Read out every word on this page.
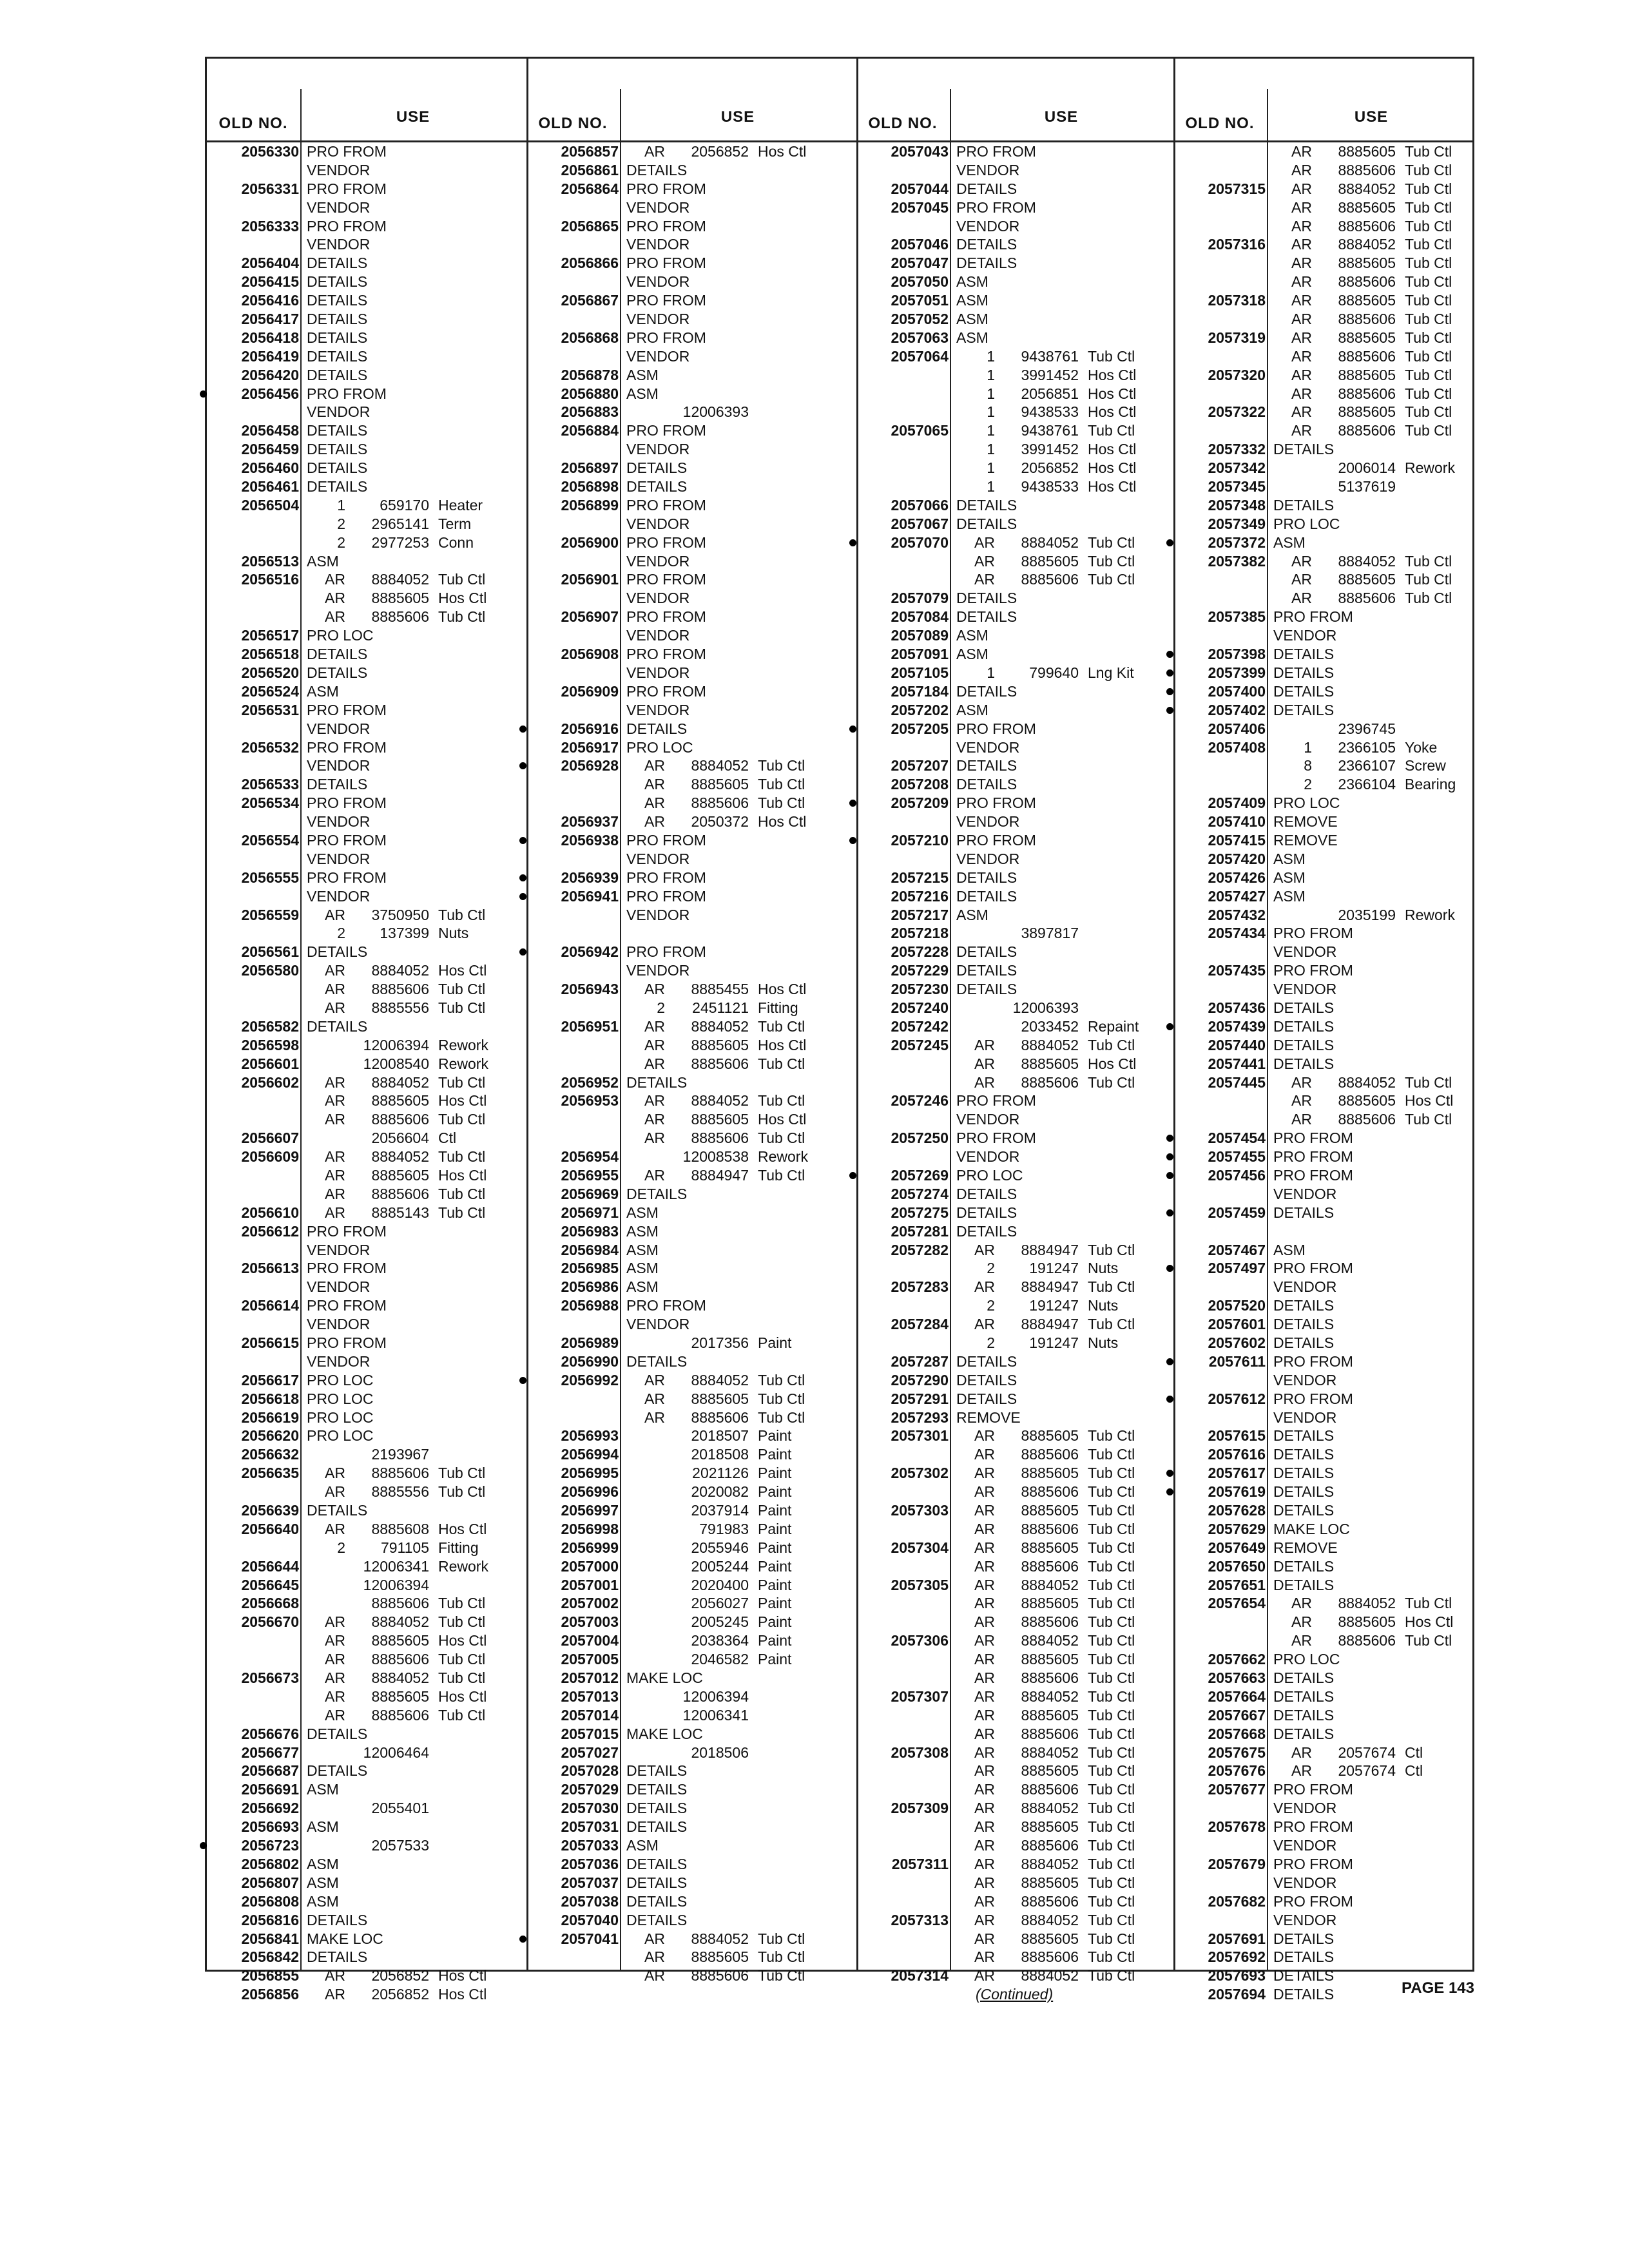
OLD NO.	USE
2056330 PRO FROM
VENDOR
2056331 PRO FROM
VENDOR
2056333 PRO FROM
VENDOR
2056404 DETAILS
2056415 DETAILS
2056416 DETAILS
2056417 DETAILS
2056418 DETAILS
2056419 DETAILS
2056420 DETAILS
2056456 PRO FROM
VENDOR
2056458 DETAILS
2056459 DETAILS
2056460 DETAILS
2056461 DETAILS
2056504	1 659170 Heater
2 2965141 Term
2 2977253 Conn
2056513 ASM
2056516	AR 8884052 Tub Ctl
AR 8885605 Hos Ctl
AR 8885606 Tub Ctl
2056517 PRO LOC
2056518 DETAILS
2056520 DETAILS
2056524 ASM
2056531 PRO FROM
VENDOR
2056532 PRO FROM
VENDOR
2056533 DETAILS
2056534 PRO FROM
VENDOR
2056554 PRO FROM
VENDOR
2056555 PRO FROM
VENDOR
2056559	AR 3750950 Tub Ctl
2 137399 Nuts
2056561 DETAILS
2056580	AR 8884052 Hos Ctl
AR 8885606 Tub Ctl
AR 8885556 Tub Ctl
2056582 DETAILS
2056598	12006394 Rework
2056601	12008540 Rework
2056602	AR 8884052 Tub Ctl
AR 8885605 Hos Ctl
AR 8885606 Tub Ctl
2056607	2056604 Ctl
2056609	AR 8884052 Tub Ctl
AR 8885605 Hos Ctl
AR 8885606 Tub Ctl
2056610	AR 8885143 Tub Ctl
2056612 PRO FROM
VENDOR
2056613 PRO FROM
VENDOR
2056614 PRO FROM
VENDOR
2056615 PRO FROM
VENDOR
2056617 PRO LOC
2056618 PRO LOC
2056619 PRO LOC
2056620 PRO LOC
2056632	2193967
2056635	AR 8885606 Tub Ctl
AR 8885556 Tub Ctl
2056639 DETAILS
2056640	AR 8885608 Hos Ctl
2 791105 Fitting
2056644	12006341 Rework
2056645	12006394
2056668	8885606 Tub Ctl
2056670	AR 8884052 Tub Ctl
AR 8885605 Hos Ctl
AR 8885606 Tub Ctl
2056673	AR 8884052 Tub Ctl
AR 8885605 Hos Ctl
AR 8885606 Tub Ctl
2056676 DETAILS
2056677	12006464
2056687 DETAILS
2056691 ASM
2056692	2055401
2056693 ASM
2056723	2057533
2056802 ASM
2056807 ASM
2056808 ASM
2056816 DETAILS
2056841 MAKE LOC
2056842 DETAILS
2056855	AR 2056852 Hos Ctl
2056856	AR 2056852 Hos Ctl
OLD NO.	USE
2056857	AR 2056852 Hos Ctl
2056861 DETAILS
2056864 PRO FROM
VENDOR
2056865 PRO FROM
VENDOR
2056866 PRO FROM
VENDOR
2056867 PRO FROM
VENDOR
2056868 PRO FROM
VENDOR
2056878 ASM
2056880 ASM
2056883	12006393
2056884 PRO FROM
VENDOR
2056897 DETAILS
2056898 DETAILS
2056899 PRO FROM
VENDOR
2056900 PRO FROM
VENDOR
2056901 PRO FROM
VENDOR
2056907 PRO FROM
VENDOR
2056908 PRO FROM
VENDOR
2056909 PRO FROM
VENDOR
2056916 DETAILS
2056917 PRO LOC
2056928	AR 8884052 Tub Ctl
AR 8885605 Tub Ctl
AR 8885606 Tub Ctl
2056937	AR 2050372 Hos Ctl
2056938 PRO FROM
VENDOR
2056939 PRO FROM
2056941 PRO FROM
VENDOR
2056942 PRO FROM
VENDOR
2056943	AR 8885455 Hos Ctl
2 2451121 Fitting
2056951	AR 8884052 Tub Ctl
AR 8885605 Hos Ctl
AR 8885606 Tub Ctl
2056952 DETAILS
2056953	AR 8884052 Tub Ctl
AR 8885605 Hos Ctl
AR 8885606 Tub Ctl
2056954	12008538 Rework
2056955	AR 8884947 Tub Ctl
2056969 DETAILS
2056971 ASM
2056983 ASM
2056984 ASM
2056985 ASM
2056986 ASM
2056988 PRO FROM
VENDOR
2056989	2017356 Paint
2056990 DETAILS
2056992	AR 8884052 Tub Ctl
AR 8885605 Tub Ctl
AR 8885606 Tub Ctl
2056993	2018507 Paint
2056994	2018508 Paint
2056995	2021126 Paint
2056996	2020082 Paint
2056997	2037914 Paint
2056998	791983 Paint
2056999	2055946 Paint
2057000	2005244 Paint
2057001	2020400 Paint
2057002	2056027 Paint
2057003	2005245 Paint
2057004	2038364 Paint
2057005	2046582 Paint
2057012 MAKE LOC
2057013	12006394
2057014	12006341
2057015 MAKE LOC
2057027	2018506
2057028 DETAILS
2057029 DETAILS
2057030 DETAILS
2057031 DETAILS
2057033 ASM
2057036 DETAILS
2057037 DETAILS
2057038 DETAILS
2057040 DETAILS
2057041	AR 8884052 Tub Ctl
AR 8885605 Tub Ctl
AR 8885606 Tub Ctl
OLD NO.	USE
2057043 PRO FROM
VENDOR
2057044 DETAILS
2057045 PRO FROM
VENDOR
2057046 DETAILS
2057047 DETAILS
2057050 ASM
2057051 ASM
2057052 ASM
2057063 ASM
2057064	1 9438761 Tub Ctl
1 3991452 Hos Ctl
1 2056851 Hos Ctl
1 9438533 Hos Ctl
2057065	1 9438761 Tub Ctl
1 3991452 Hos Ctl
1 2056852 Hos Ctl
1 9438533 Hos Ctl
2057066 DETAILS
2057067 DETAILS
2057070	AR 8884052 Tub Ctl
AR 8885605 Tub Ctl
AR 8885606 Tub Ctl
2057079 DETAILS
2057084 DETAILS
2057089 ASM
2057091 ASM
2057105	1 799640 Lng Kit
2057184 DETAILS
2057202 ASM
2057205 PRO FROM
VENDOR
2057207 DETAILS
2057208 DETAILS
2057209 PRO FROM
VENDOR
2057210 PRO FROM
VENDOR
2057215 DETAILS
2057216 DETAILS
2057217 ASM
2057218	3897817
2057228 DETAILS
2057229 DETAILS
2057230 DETAILS
2057240	12006393
2057242	2033452 Repaint
2057245	AR 8884052 Tub Ctl
AR 8885605 Hos Ctl
AR 8885606 Tub Ctl
2057246 PRO FROM
VENDOR
2057250 PRO FROM
VENDOR
2057269 PRO LOC
2057274 DETAILS
2057275 DETAILS
2057281 DETAILS
2057282	AR 8884947 Tub Ctl
2 191247 Nuts
2057283	AR 8884947 Tub Ctl
2 191247 Nuts
2057284	AR 8884947 Tub Ctl
2 191247 Nuts
2057287 DETAILS
2057290 DETAILS
2057291 DETAILS
2057293 REMOVE
2057301	AR 8885605 Tub Ctl
AR 8885606 Tub Ctl
2057302	AR 8885605 Tub Ctl
AR 8885606 Tub Ctl
2057303	AR 8885605 Tub Ctl
AR 8885606 Tub Ctl
2057304	AR 8885605 Tub Ctl
AR 8885606 Tub Ctl
2057305	AR 8884052 Tub Ctl
AR 8885605 Tub Ctl
AR 8885606 Tub Ctl
2057306	AR 8884052 Tub Ctl
AR 8885605 Tub Ctl
AR 8885606 Tub Ctl
2057307	AR 8884052 Tub Ctl
AR 8885605 Tub Ctl
AR 8885606 Tub Ctl
2057308	AR 8884052 Tub Ctl
AR 8885605 Tub Ctl
AR 8885606 Tub Ctl
2057309	AR 8884052 Tub Ctl
AR 8885605 Tub Ctl
AR 8885606 Tub Ctl
2057311	AR 8884052 Tub Ctl
AR 8885605 Tub Ctl
AR 8885606 Tub Ctl
2057313	AR 8884052 Tub Ctl
AR 8885605 Tub Ctl
AR 8885606 Tub Ctl
2057314	AR 8884052 Tub Ctl
(Continued)
OLD NO.	USE
AR 8885605 Tub Ctl
AR 8885606 Tub Ctl
2057315	AR 8884052 Tub Ctl
AR 8885605 Tub Ctl
AR 8885606 Tub Ctl
2057316	AR 8884052 Tub Ctl
AR 8885605 Tub Ctl
AR 8885606 Tub Ctl
2057318	AR 8885605 Tub Ctl
AR 8885606 Tub Ctl
2057319	AR 8885605 Tub Ctl
AR 8885606 Tub Ctl
2057320	AR 8885605 Tub Ctl
AR 8885606 Tub Ctl
2057322	AR 8885605 Tub Ctl
AR 8885606 Tub Ctl
2057332 DETAILS
2057342	2006014 Rework
2057345	5137619
2057348 DETAILS
2057349 PRO LOC
2057372 ASM
2057382	AR 8884052 Tub Ctl
AR 8885605 Tub Ctl
AR 8885606 Tub Ctl
2057385 PRO FROM
VENDOR
2057398 DETAILS
2057399 DETAILS
2057400 DETAILS
2057402 DETAILS
2057406	2396745
2057408	1 2366105 Yoke
8 2366107 Screw
2 2366104 Bearing
2057409 PRO LOC
2057410 REMOVE
2057415 REMOVE
2057420 ASM
2057426 ASM
2057427 ASM
2057432	2035199 Rework
2057434 PRO FROM
VENDOR
2057435 PRO FROM
VENDOR
2057436 DETAILS
2057439 DETAILS
2057440 DETAILS
2057441 DETAILS
2057445	AR 8884052 Tub Ctl
AR 8885605 Hos Ctl
AR 8885606 Tub Ctl
2057454 PRO FROM
2057455 PRO FROM
2057456 PRO FROM
VENDOR
2057459 DETAILS
2057467 ASM
2057497 PRO FROM
VENDOR
2057520 DETAILS
2057601 DETAILS
2057602 DETAILS
2057611 PRO FROM
VENDOR
2057612 PRO FROM
VENDOR
2057615 DETAILS
2057616 DETAILS
2057617 DETAILS
2057619 DETAILS
2057628 DETAILS
2057629 MAKE LOC
2057649 REMOVE
2057650 DETAILS
2057651 DETAILS
2057654	AR 8884052 Tub Ctl
AR 8885605 Hos Ctl
AR 8885606 Tub Ctl
2057662 PRO LOC
2057663 DETAILS
2057664 DETAILS
2057667 DETAILS
2057668 DETAILS
2057675	AR 2057674 Ctl
2057676	AR 2057674 Ctl
2057677 PRO FROM
VENDOR
2057678 PRO FROM
VENDOR
2057679 PRO FROM
VENDOR
2057682 PRO FROM
VENDOR
2057691 DETAILS
2057692 DETAILS
2057693 DETAILS
2057694 DETAILS	PAGE 143
